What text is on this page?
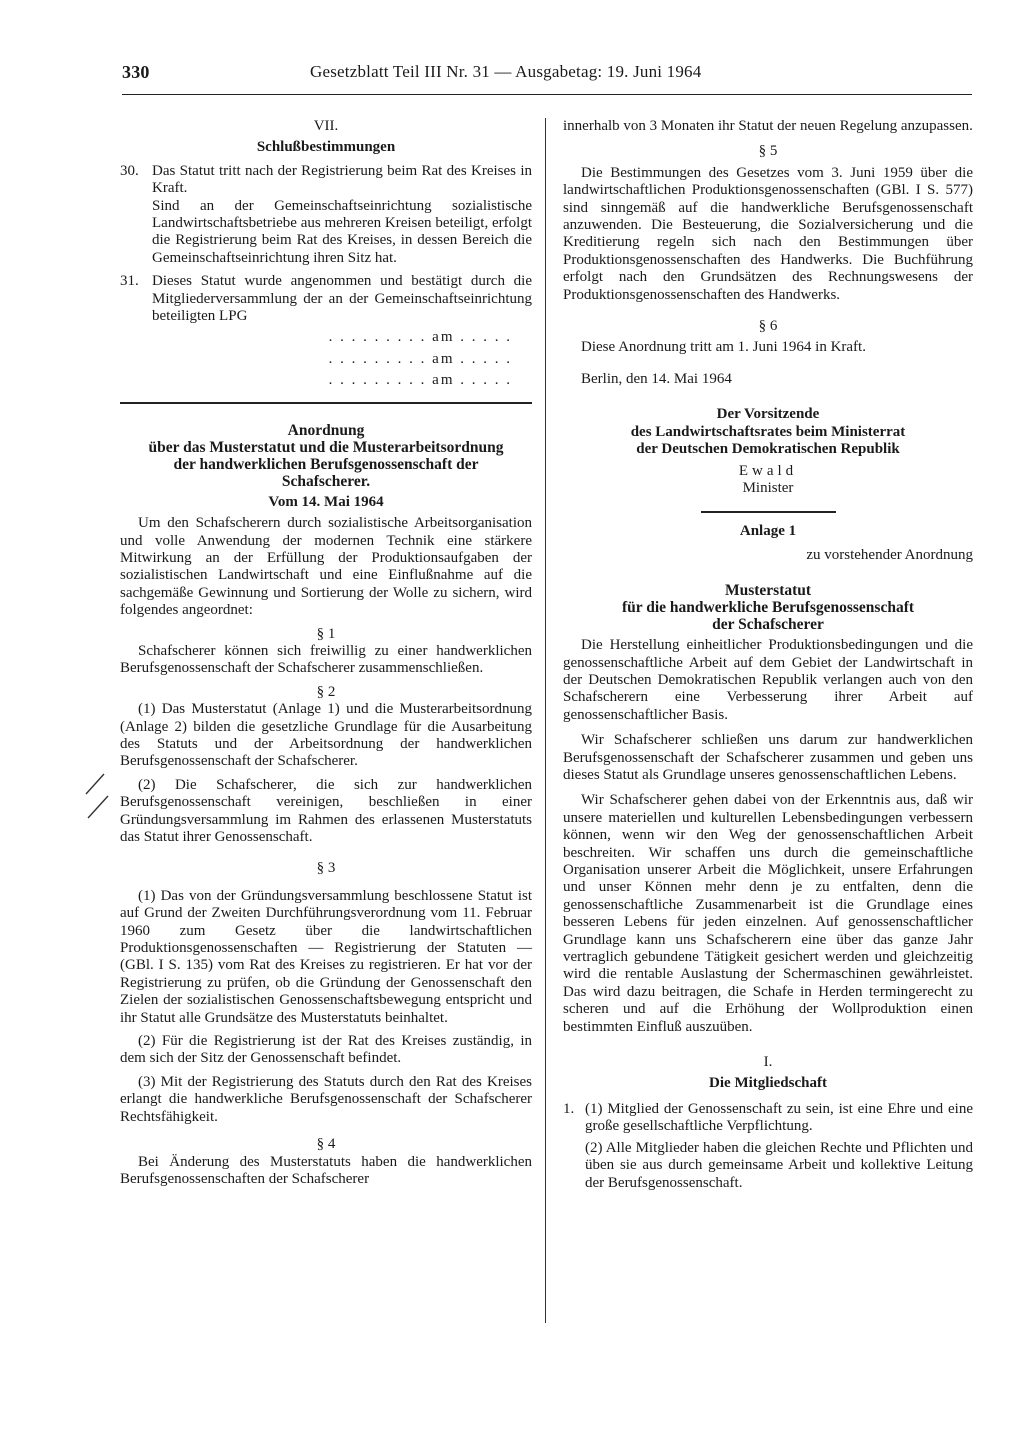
330	Gesetzblatt Teil III Nr. 31 — Ausgabetag: 19. Juni 1964
VII.
Schlußbestimmungen
30. Das Statut tritt nach der Registrierung beim Rat des Kreises in Kraft.

Sind an der Gemeinschaftseinrichtung sozialistische Landwirtschaftsbetriebe aus mehreren Kreisen beteiligt, erfolgt die Registrierung beim Rat des Kreises, in dessen Bereich die Gemeinschaftseinrichtung ihren Sitz hat.

31. Dieses Statut wurde angenommen und bestätigt durch die Mitgliederversammlung der an der Gemeinschaftseinrichtung beteiligten LPG

. . . . . . . . . am . . . . .
. . . . . . . . . am . . . . .
. . . . . . . . . am . . . . .
Anordnung
über das Musterstatut und die Musterarbeitsordnung
der handwerklichen Berufsgenossenschaft der
Schafscherer.
Vom 14. Mai 1964

Um den Schafscherern durch sozialistische Arbeitsorganisation und volle Anwendung der modernen Technik eine stärkere Mitwirkung an der Erfüllung der Produktionsaufgaben der sozialistischen Landwirtschaft und eine Einflußnahme auf die sachgemäße Gewinnung und Sortierung der Wolle zu sichern, wird folgendes angeordnet:

§ 1

Schafscherer können sich freiwillig zu einer handwerklichen Berufsgenossenschaft der Schafscherer zusammenschließen.

§ 2

(1) Das Musterstatut (Anlage 1) und die Musterarbeitsordnung (Anlage 2) bilden die gesetzliche Grundlage für die Ausarbeitung des Statuts und der Arbeitsordnung der handwerklichen Berufsgenossenschaft der Schafscherer.

(2) Die Schafscherer, die sich zur handwerklichen Berufsgenossenschaft vereinigen, beschließen in einer Gründungsversammlung im Rahmen des erlassenen Musterstatuts das Statut ihrer Genossenschaft.

§ 3

(1) Das von der Gründungsversammlung beschlossene Statut ist auf Grund der Zweiten Durchführungsverordnung vom 11. Februar 1960 zum Gesetz über die landwirtschaftlichen Produktionsgenossenschaften — Registrierung der Statuten — (GBl. I S. 135) vom Rat des Kreises zu registrieren. Er hat vor der Registrierung zu prüfen, ob die Gründung der Genossenschaft den Zielen der sozialistischen Genossenschaftsbewegung entspricht und ihr Statut alle Grundsätze des Musterstatuts beinhaltet.

(2) Für die Registrierung ist der Rat des Kreises zuständig, in dem sich der Sitz der Genossenschaft befindet.

(3) Mit der Registrierung des Statuts durch den Rat des Kreises erlangt die handwerkliche Berufsgenossenschaft der Schafscherer Rechtsfähigkeit.

§ 4

Bei Änderung des Musterstatuts haben die handwerklichen Berufsgenossenschaften der Schafscherer

innerhalb von 3 Monaten ihr Statut der neuen Regelung anzupassen.

§ 5

Die Bestimmungen des Gesetzes vom 3. Juni 1959 über die landwirtschaftlichen Produktionsgenossenschaften (GBl. I S. 577) sind sinngemäß auf die handwerkliche Berufsgenossenschaft anzuwenden. Die Besteuerung, die Sozialversicherung und die Kreditierung regeln sich nach den Bestimmungen über Produktionsgenossenschaften des Handwerks. Die Buchführung erfolgt nach den Grundsätzen des Rechnungswesens der Produktionsgenossenschaften des Handwerks.

§ 6

Diese Anordnung tritt am 1. Juni 1964 in Kraft.

Berlin, den 14. Mai 1964

Der Vorsitzende
des Landwirtschaftsrates beim Ministerrat
der Deutschen Demokratischen Republik
Ewald
Minister
Anlage 1
zu vorstehender Anordnung
Musterstatut
für die handwerkliche Berufsgenossenschaft
der Schafscherer

Die Herstellung einheitlicher Produktionsbedingungen und die genossenschaftliche Arbeit auf dem Gebiet der Landwirtschaft in der Deutschen Demokratischen Republik verlangen auch von den Schafscherern eine Verbesserung ihrer Arbeit auf genossenschaftlicher Basis.

Wir Schafscherer schließen uns darum zur handwerklichen Berufsgenossenschaft der Schafscherer zusammen und geben uns dieses Statut als Grundlage unseres genossenschaftlichen Lebens.

Wir Schafscherer gehen dabei von der Erkenntnis aus, daß wir unsere materiellen und kulturellen Lebensbedingungen verbessern können, wenn wir den Weg der genossenschaftlichen Arbeit beschreiten. Wir schaffen uns durch die gemeinschaftliche Organisation unserer Arbeit die Möglichkeit, unsere Erfahrungen und unser Können mehr denn je zu entfalten, denn die genossenschaftliche Zusammenarbeit ist die Grundlage eines besseren Lebens für jeden einzelnen. Auf genossenschaftlicher Grundlage kann uns Schafscherern eine über das ganze Jahr vertraglich gebundene Tätigkeit gesichert werden und gleichzeitig wird die rentable Auslastung der Schermaschinen gewährleistet. Das wird dazu beitragen, die Schafe in Herden termingerecht zu scheren und auf die Erhöhung der Wollproduktion einen bestimmten Einfluß auszuüben.

I.
Die Mitgliedschaft
1. (1) Mitglied der Genossenschaft zu sein, ist eine Ehre und eine große gesellschaftliche Verpflichtung.

(2) Alle Mitglieder haben die gleichen Rechte und Pflichten und üben sie aus durch gemeinsame Arbeit und kollektive Leitung der Berufsgenossenschaft.
